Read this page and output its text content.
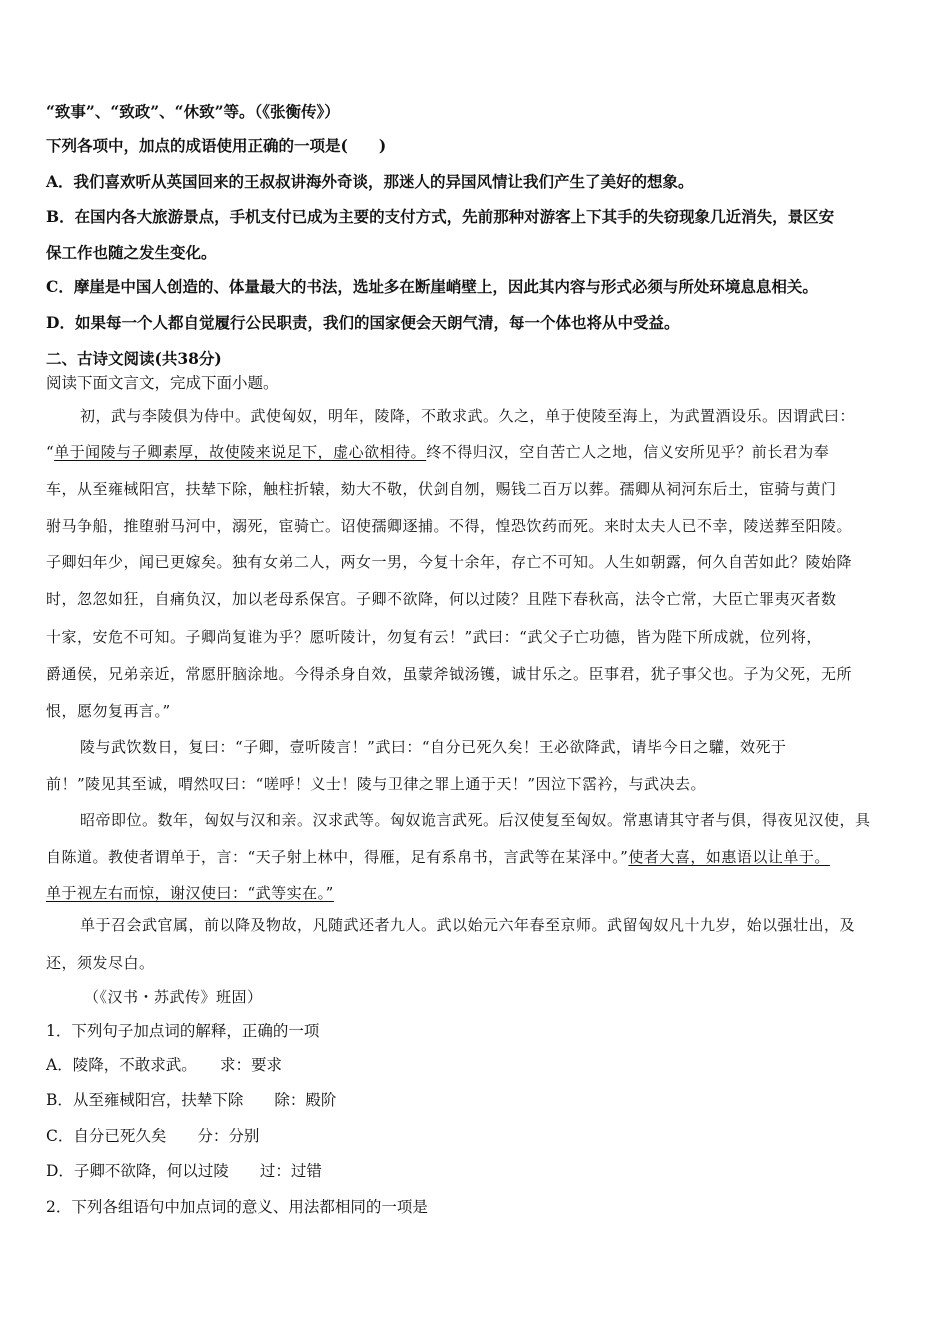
“致事”、“致政”、“休致”等。（《张衡传》）
下列各项中，加点的成语使用正确的一项是(　　)
A．我们喜欢听从英国回来的王叔叔讲海外奇谈，那迷人的异国风情让我们产生了美好的想象。
B．在国内各大旅游景点，手机支付已成为主要的支付方式，先前那种对游客上下其手的失窃现象几近消失，景区安
保工作也随之发生变化。
C．摩崖是中国人创造的、体量最大的书法，选址多在断崖峭壁上，因此其内容与形式必须与所处环境息息相关。
D．如果每一个人都自觉履行公民职责，我们的国家便会天朗气清，每一个体也将从中受益。
二、古诗文阅读(共38分)
阅读下面文言文，完成下面小题。
初，武与李陵俱为侍中。武使匈奴，明年，陵降，不敢求武。久之，单于使陵至海上，为武置酒设乐。因谓武曰：
“单于闻陵与子卿素厚，故使陵来说足下，虚心欲相待。终不得归汉，空自苦亡人之地，信义安所见乎？前长君为奉
车，从至雍棫阳宫，扶辇下除，触柱折辕，劾大不敬，伏剑自刎，赐钱二百万以葬。孺卿从祠河东后土，宦骑与黄门
驸马争船，推堕驸马河中，溺死，宦骑亡。诏使孺卿逐捕。不得，惶恐饮药而死。来时太夫人已不幸，陵送葬至阳陵。
子卿妇年少，闻已更嫁矣。独有女弟二人，两女一男，今复十余年，存亡不可知。人生如朝露，何久自苦如此？陵始降
时，忽忽如狂，自痛负汉，加以老母系保宫。子卿不欲降，何以过陵？且陛下春秋高，法令亡常，大臣亡罪夷灭者数
十家，安危不可知。子卿尚复谁为乎？愿听陵计，勿复有云！”武曰：“武父子亡功德，皆为陛下所成就，位列将，
爵通侯，兄弟亲近，常愿肝脑涂地。今得杀身自效，虽蒙斧钺汤镬，诚甘乐之。臣事君，犹子事父也。子为父死，无所
恨，愿勿复再言。”
陵与武饮数日，复曰：“子卿，壹听陵言！”武曰：“自分已死久矣！王必欲降武，请毕今日之驩，效死于
前！”陵见其至诚，喟然叹曰：“嗟呼！义士！陵与卫律之罪上通于天！”因泣下霑衿，与武决去。
昭帝即位。数年，匈奴与汉和亲。汉求武等。匈奴诡言武死。后汉使复至匈奴。常惠请其守者与俱，得夜见汉使，具
自陈道。教使者谓单于，言：“天子射上林中，得雁，足有系帛书，言武等在某泽中。”使者大喜，如惠语以让单于。
单于视左右而惊，谢汉使曰：“武等实在。”
单于召会武官属，前以降及物故，凡随武还者九人。武以始元六年春至京师。武留匈奴凡十九岁，始以强壮出，及
还，须发尽白。
（《汉书・苏武传》班固）
1．下列句子加点词的解释，正确的一项
A．陵降，不敢求武。　　求：要求
B．从至雍棫阳宫，扶辇下除　　除：殿阶
C．自分已死久矣　　分：分别
D．子卿不欲降，何以过陵　　过：过错
2．下列各组语句中加点词的意义、用法都相同的一项是
